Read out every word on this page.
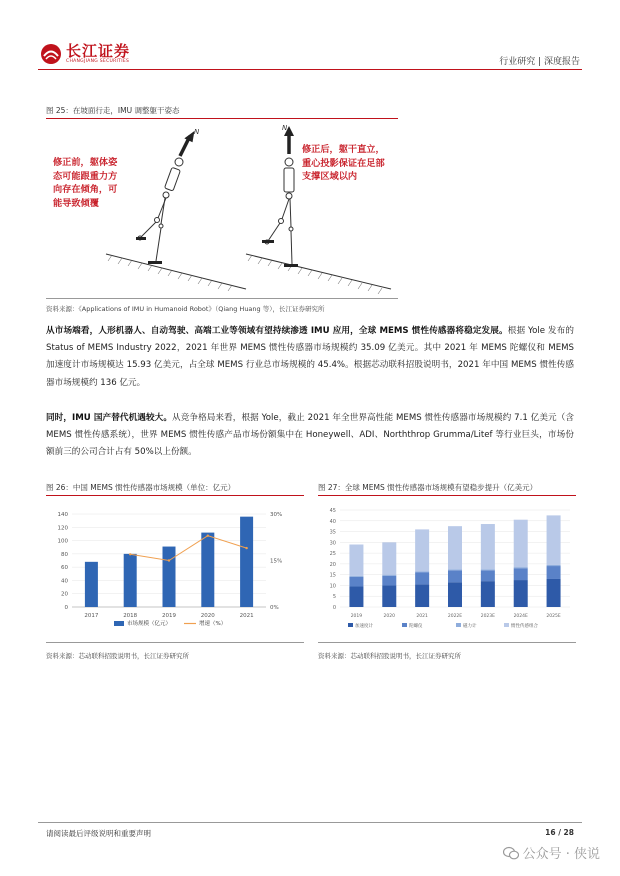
长江证券
CHANGJIANG SECURITIES	行业研究 | 深度报告
图 25：在坡面行走，IMU 调整躯干姿态
N	N
修正前，躯体姿态可能跟重力方向存在倾角，可能导致倾覆
修正后，躯干直立，重心投影保证在足部支撑区域以内
资料来源：《Applications of IMU in Humanoid Robot》（Qiang Huang 等），长江证券研究所
从市场端看，人形机器人、自动驾驶、高端工业等领域有望持续渗透 IMU 应用，全球 MEMS 惯性传感器将稳定发展。根据 Yole 发布的 Status of MEMS Industry 2022，2021 年世界 MEMS 惯性传感器市场规模约 35.09 亿美元。其中 2021 年 MEMS 陀螺仪和 MEMS 加速度计市场规模达 15.93 亿美元，占全球 MEMS 行业总市场规模的 45.4%。根据芯动联科招股说明书，2021 年中国 MEMS 惯性传感器市场规模约 136 亿元。
同时，IMU 国产替代机遇较大。从竞争格局来看，根据 Yole，截止 2021 年全世界高性能 MEMS 惯性传感器市场规模约 7.1 亿美元（含 MEMS 惯性传感系统），世界 MEMS 惯性传感产品市场份额集中在 Honeywell、ADI、Norththrop Grumma/Litef 等行业巨头，市场份额前三的公司合计占有 50%以上份额。
图 26：中国 MEMS 惯性传感器市场规模（单位：亿元）
0
20
40
60
80
100
120
140
0%
15%
30%
2017	2018	2019	2020	2021
市场规模（亿元）	增速（%）
资料来源：芯动联科招股说明书，长江证券研究所
图 27：全球 MEMS 惯性传感器市场规模有望稳步提升（亿美元）
0
5
10
15
20
25
30
35
40
45
2019	2020	2021	2022E	2023E	2024E	2025E
加速度计	陀螺仪	磁力计	惯性传感组合
资料来源：芯动联科招股说明书，长江证券研究所
请阅读最后评级说明和重要声明	16 / 28
公众号 · 侠说
